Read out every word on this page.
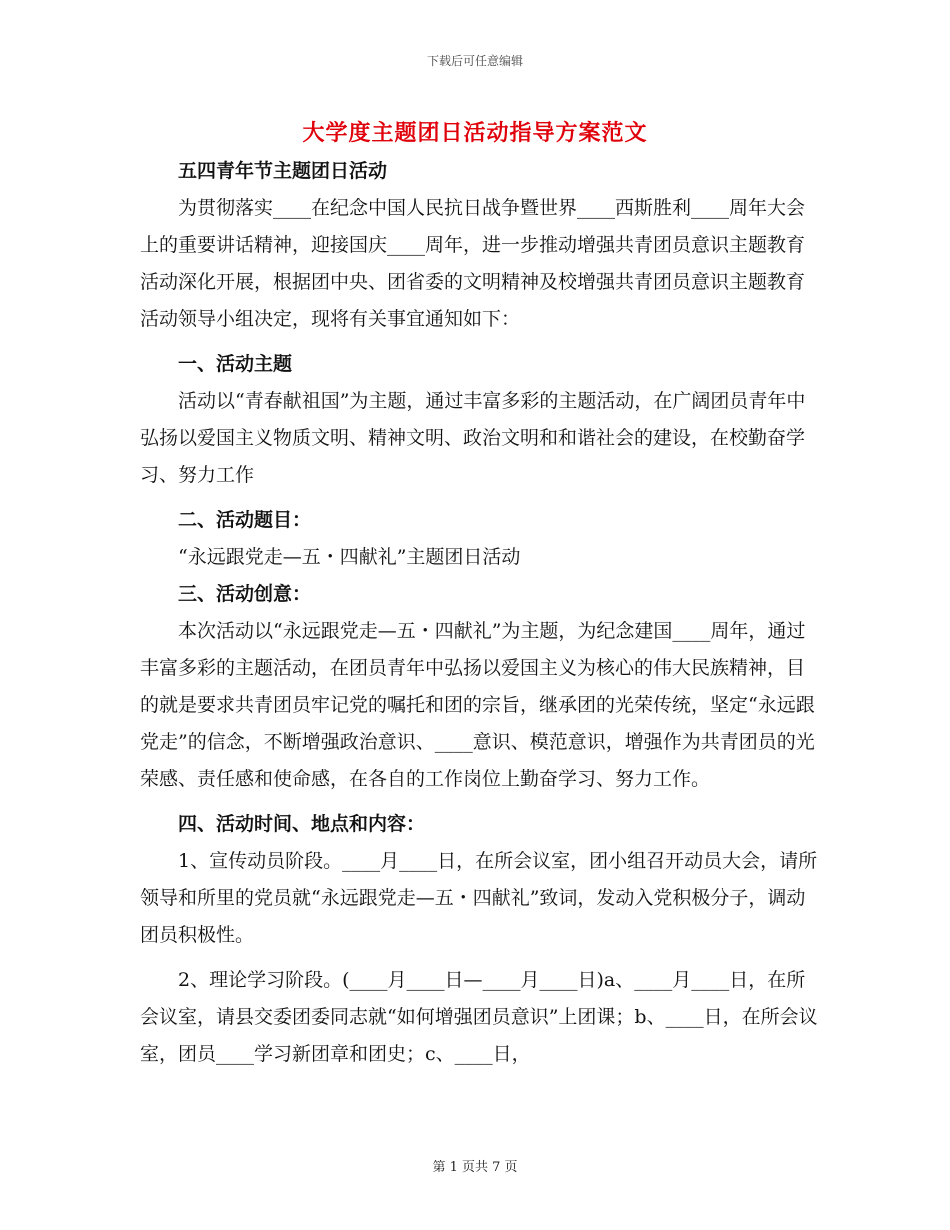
下载后可任意编辑
大学度主题团日活动指导方案范文

五四青年节主题团日活动

为贯彻落实____在纪念中国人民抗日战争暨世界____西斯胜利____周年大会上的重要讲话精神，迎接国庆____周年，进一步推动增强共青团员意识主题教育活动深化开展，根据团中央、团省委的文明精神及校增强共青团员意识主题教育活动领导小组决定，现将有关事宜通知如下：

一、活动主题

活动以“青春献祖国”为主题，通过丰富多彩的主题活动，在广阔团员青年中弘扬以爱国主义物质文明、精神文明、政治文明和和谐社会的建设，在校勤奋学习、努力工作

二、活动题目：

“永远跟党走—五・四献礼”主题团日活动

三、活动创意：

本次活动以“永远跟党走—五・四献礼”为主题，为纪念建国____周年，通过丰富多彩的主题活动，在团员青年中弘扬以爱国主义为核心的伟大民族精神，目的就是要求共青团员牢记党的嘱托和团的宗旨，继承团的光荣传统，坚定“永远跟党走”的信念，不断增强政治意识、____意识、模范意识，增强作为共青团员的光荣感、责任感和使命感，在各自的工作岗位上勤奋学习、努力工作。

四、活动时间、地点和内容：

1、宣传动员阶段。____月____日，在所会议室，团小组召开动员大会，请所领导和所里的党员就“永远跟党走—五・四献礼”致词，发动入党积极分子，调动团员积极性。

2、理论学习阶段。(____月____日—____月____日)a、____月____日，在所会议室，请县交委团委同志就“如何增强团员意识”上团课；b、____日，在所会议室，团员____学习新团章和团史；c、____日，

第 1 页共 7 页
